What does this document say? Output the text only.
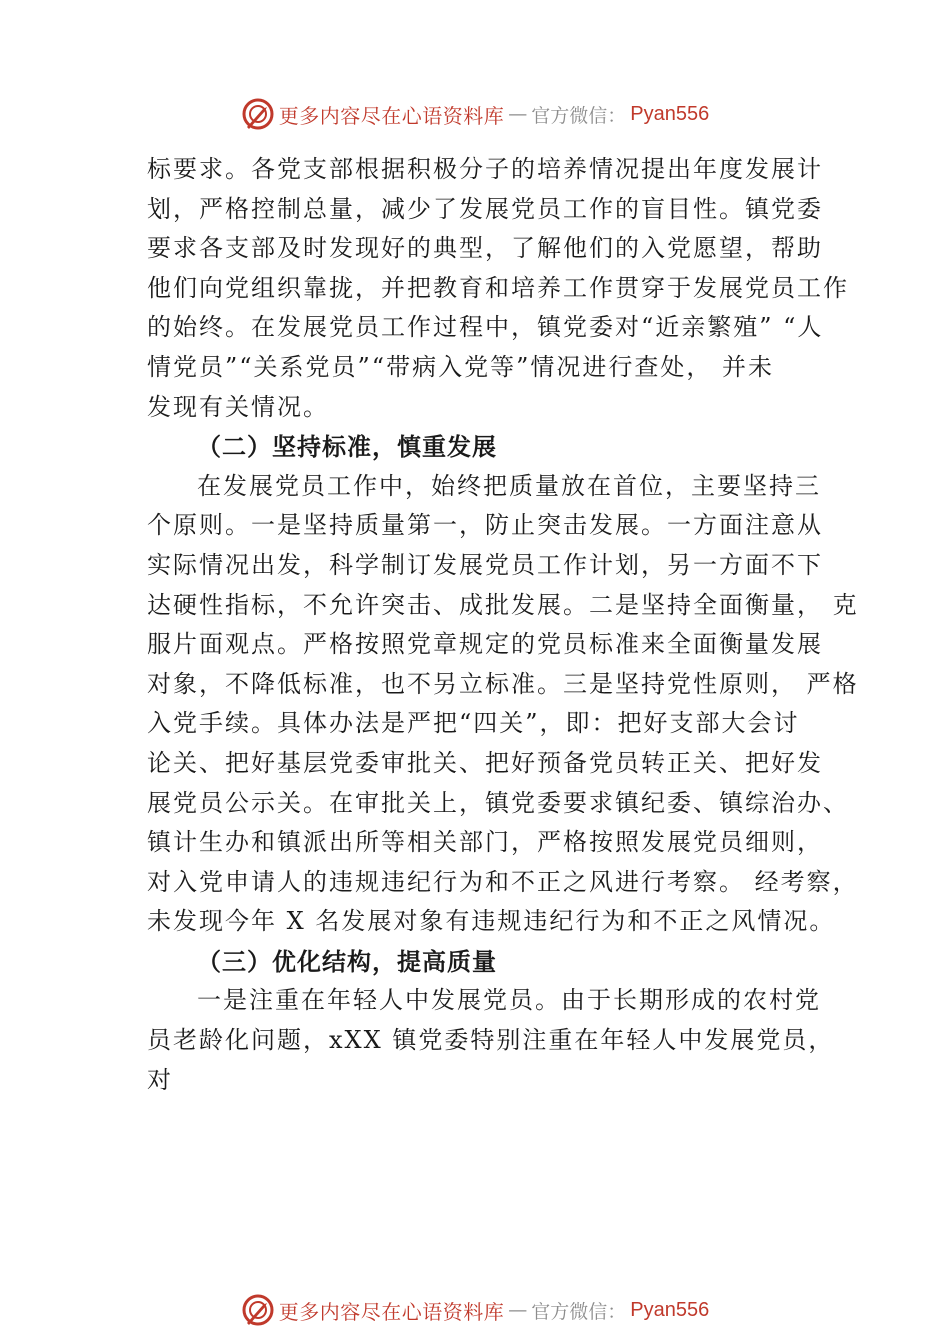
更多内容尽在心语资料库 — 官方微信： Pyan556
标要求。各党支部根据积极分子的培养情况提出年度发展计
划，严格控制总量，减少了发展党员工作的盲目性。镇党委
要求各支部及时发现好的典型，了解他们的入党愿望，帮助
他们向党组织靠拢，并把教育和培养工作贯穿于发展党员工作
的始终。在发展党员工作过程中，镇党委对“近亲繁殖” “人
情党员”“关系党员”“带病入党等”情况进行查处， 并未
发现有关情况。
（二）坚持标准，慎重发展
在发展党员工作中，始终把质量放在首位，主要坚持三
个原则。一是坚持质量第一，防止突击发展。一方面注意从
实际情况出发，科学制订发展党员工作计划，另一方面不下
达硬性指标，不允许突击、成批发展。二是坚持全面衡量， 克
服片面观点。严格按照党章规定的党员标准来全面衡量发展
对象，不降低标准，也不另立标准。三是坚持党性原则， 严格
入党手续。具体办法是严把“四关”，即：把好支部大会讨
论关、把好基层党委审批关、把好预备党员转正关、把好发
展党员公示关。在审批关上，镇党委要求镇纪委、镇综治办、
镇计生办和镇派出所等相关部门，严格按照发展党员细则，
对入党申请人的违规违纪行为和不正之风进行考察。 经考察，
未发现今年 X 名发展对象有违规违纪行为和不正之风情况。
（三）优化结构，提高质量
一是注重在年轻人中发展党员。由于长期形成的农村党
员老龄化问题，xXX 镇党委特别注重在年轻人中发展党员，
对
更多内容尽在心语资料库 — 官方微信： Pyan556
